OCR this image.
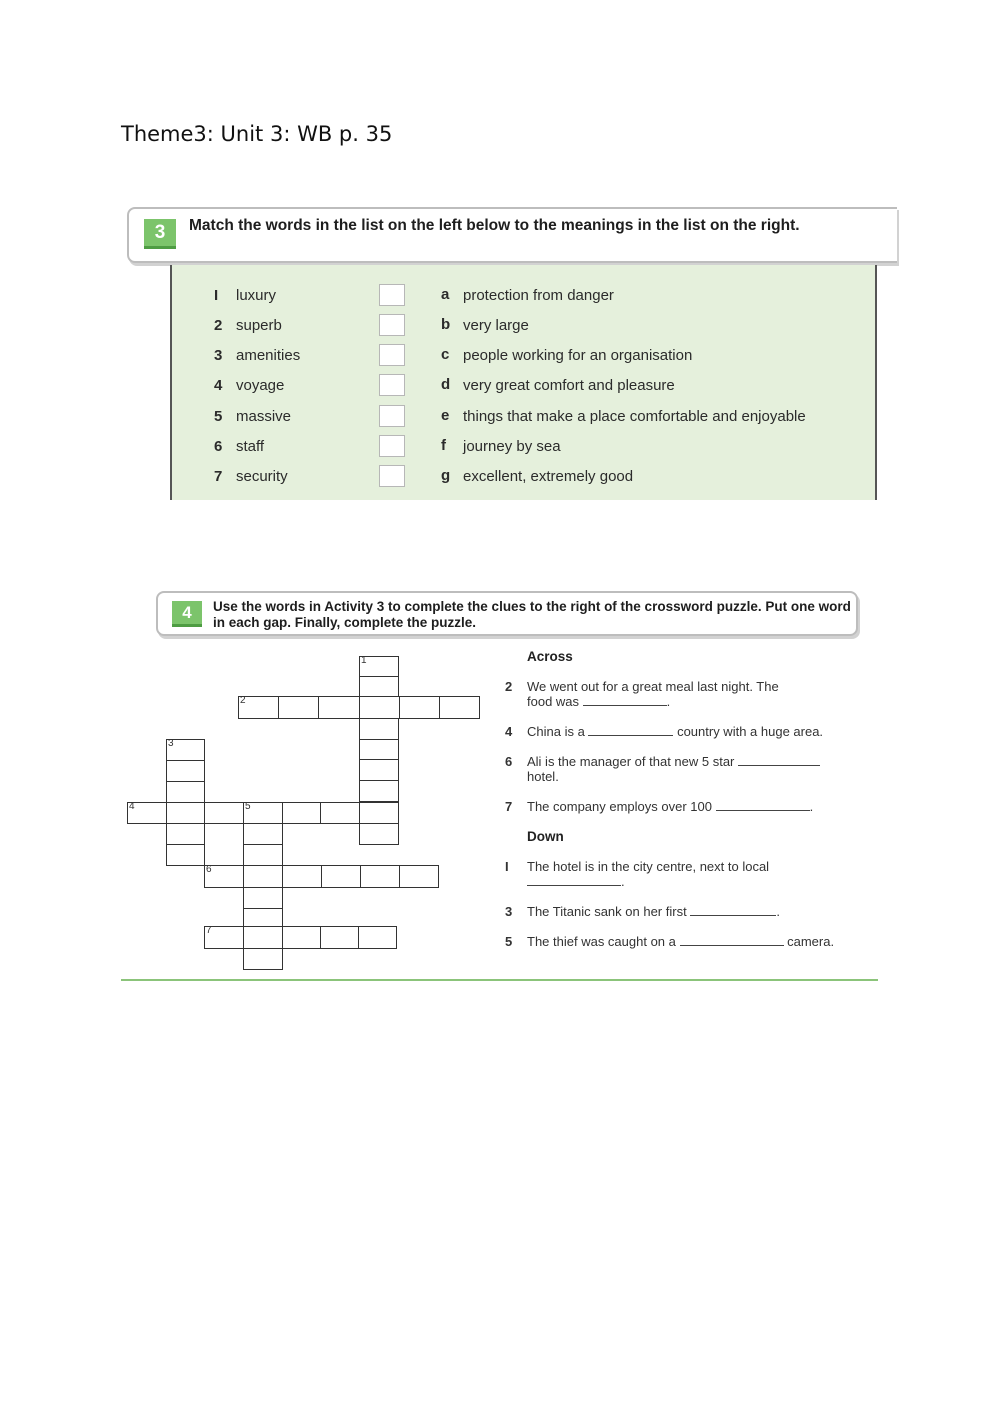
Theme3: Unit 3: WB p. 35
3	Match the words in the list on the left below to the meanings in the list on the right.
I luxury	a protection from danger
2 superb	b very large
3 amenities	c people working for an organisation
4 voyage	d very great comfort and pleasure
5 massive	e things that make a place comfortable and enjoyable
6 staff	f journey by sea
7 security	g excellent, extremely good
4	Use the words in Activity 3 to complete the clues to the right of the crossword puzzle. Put one word in each gap. Finally, complete the puzzle.
1
2
3
4	5
6
7
Across
2 We went out for a great meal last night. The
food was	.
4 China is a	country with a huge area.
6 Ali is the manager of that new 5 star
hotel.
7 The company employs over 100	.
Down
I The hotel is in the city centre, next to local
.
3 The Titanic sank on her first	.
5 The thief was caught on a	camera.
